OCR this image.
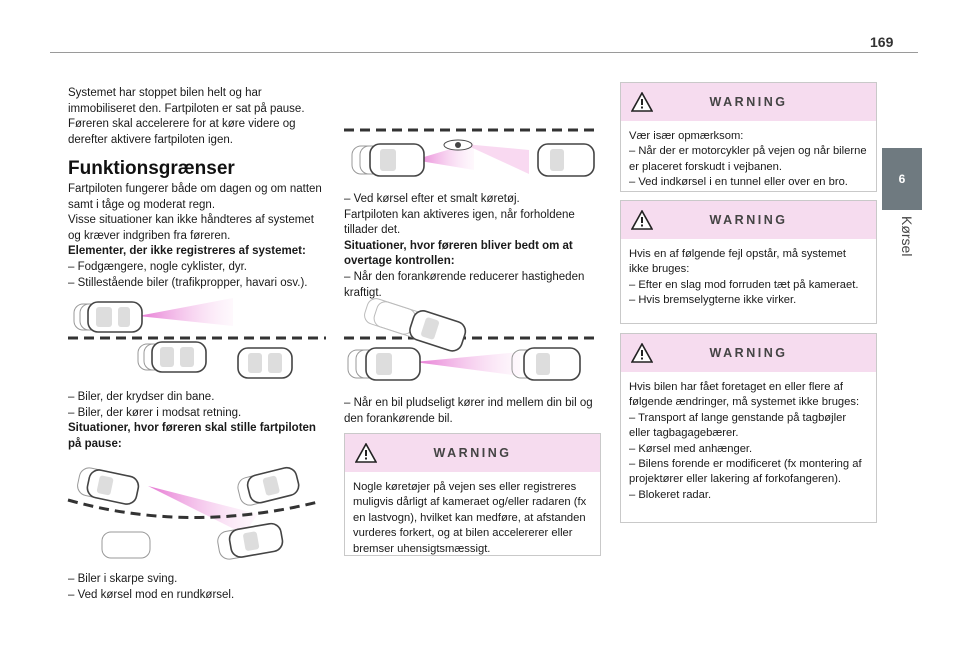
169
6
Kørsel

Systemet har stoppet bilen helt og har immobiliseret den. Fartpiloten er sat på pause. Føreren skal accelerere for at køre videre og derefter aktivere fartpiloten igen.

Funktionsgrænser

Fartpiloten fungerer både om dagen og om natten samt i tåge og moderat regn.

Visse situationer kan ikke håndteres af systemet og kræver indgriben fra føreren.

Elementer, der ikke registreres af systemet:

– Fodgængere, nogle cyklister, dyr.

– Stillestående biler (trafikpropper, havari osv.).

– Biler, der krydser din bane.

– Biler, der kører i modsat retning.

Situationer, hvor føreren skal stille fartpiloten på pause:

– Biler i skarpe sving.

– Ved kørsel mod en rundkørsel.

– Ved kørsel efter et smalt køretøj.

Fartpiloten kan aktiveres igen, når forholdene tillader det.

Situationer, hvor føreren bliver bedt om at overtage kontrollen:

– Når den forankørende reducerer hastigheden kraftigt.

– Når en bil pludseligt kører ind mellem din bil og den forankørende bil.

WARNING

Nogle køretøjer på vejen ses eller registreres muligvis dårligt af kameraet og/eller radaren (fx en lastvogn), hvilket kan medføre, at afstanden vurderes forkert, og at bilen accelererer eller bremser uhensigtsmæssigt.

WARNING

Vær især opmærksom:

– Når der er motorcykler på vejen og når bilerne er placeret forskudt i vejbanen.

– Ved indkørsel i en tunnel eller over en bro.

WARNING

Hvis en af følgende fejl opstår, må systemet ikke bruges:

– Efter en slag mod forruden tæt på kameraet.

– Hvis bremselygterne ikke virker.

WARNING

Hvis bilen har fået foretaget en eller flere af følgende ændringer, må systemet ikke bruges:

– Transport af lange genstande på tagbøjler eller tagbagagebærer.

– Kørsel med anhænger.

– Bilens forende er modificeret (fx montering af projektører eller lakering af forkofangeren).

– Blokeret radar.
